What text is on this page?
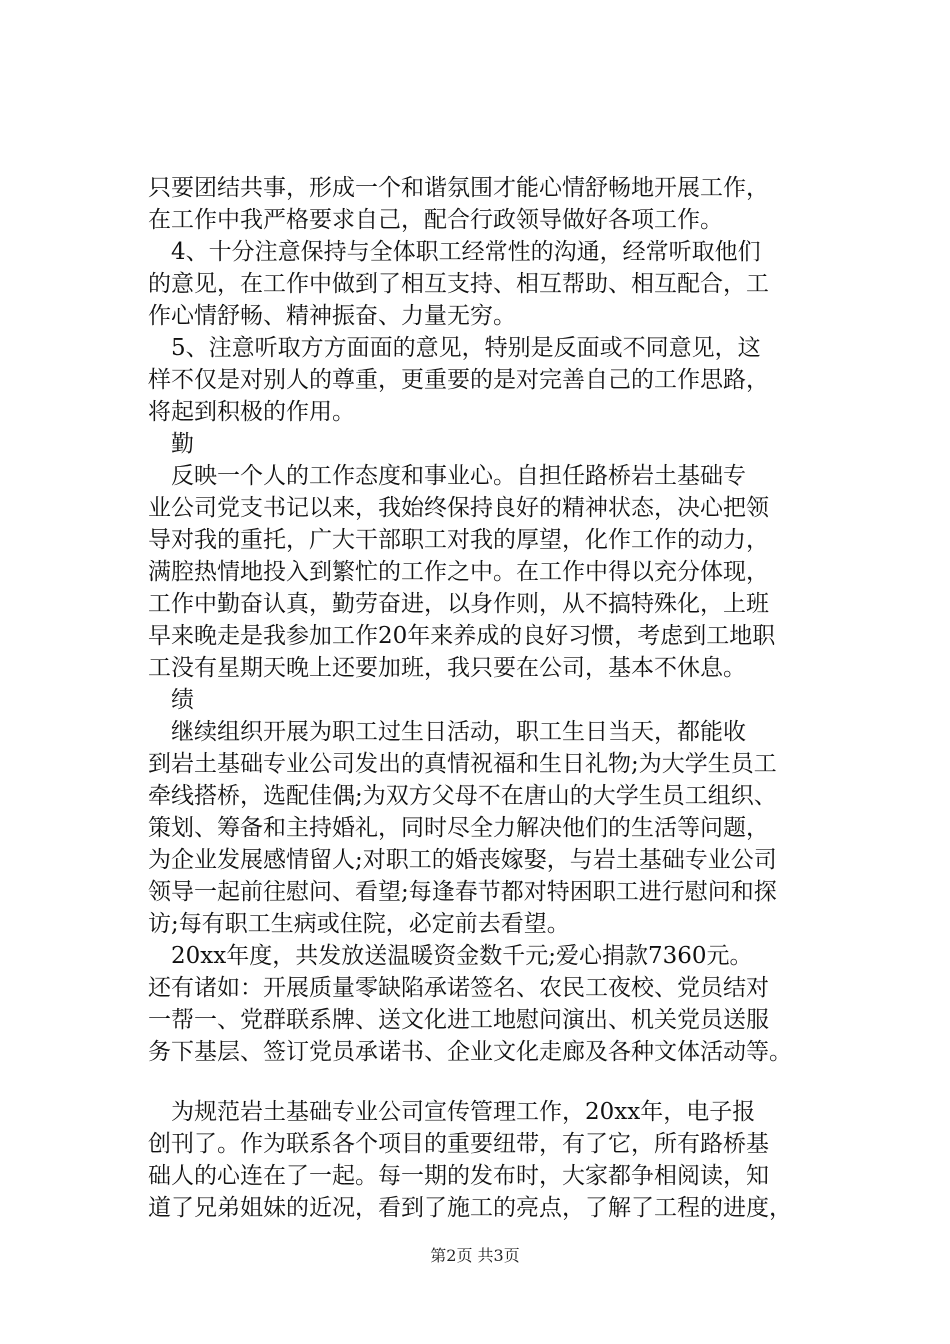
只要团结共事，形成一个和谐氛围才能心情舒畅地开展工作，
在工作中我严格要求自己，配合行政领导做好各项工作。
　4、十分注意保持与全体职工经常性的沟通，经常听取他们
的意见，在工作中做到了相互支持、相互帮助、相互配合，工
作心情舒畅、精神振奋、力量无穷。
　5、注意听取方方面面的意见，特别是反面或不同意见，这
样不仅是对别人的尊重，更重要的是对完善自己的工作思路，
将起到积极的作用。
　勤
　反映一个人的工作态度和事业心。自担任路桥岩土基础专
业公司党支书记以来，我始终保持良好的精神状态，决心把领
导对我的重托，广大干部职工对我的厚望，化作工作的动力，
满腔热情地投入到繁忙的工作之中。在工作中得以充分体现，
工作中勤奋认真，勤劳奋进，以身作则，从不搞特殊化，上班
早来晚走是我参加工作20年来养成的良好习惯，考虑到工地职
工没有星期天晚上还要加班，我只要在公司，基本不休息。
　绩
　继续组织开展为职工过生日活动，职工生日当天，都能收
到岩土基础专业公司发出的真情祝福和生日礼物;为大学生员工
牵线搭桥，选配佳偶;为双方父母不在唐山的大学生员工组织、
策划、筹备和主持婚礼，同时尽全力解决他们的生活等问题，
为企业发展感情留人;对职工的婚丧嫁娶，与岩土基础专业公司
领导一起前往慰问、看望;每逢春节都对特困职工进行慰问和探
访;每有职工生病或住院，必定前去看望。
　20xx年度，共发放送温暖资金数千元;爱心捐款7360元。
还有诸如：开展质量零缺陷承诺签名、农民工夜校、党员结对
一帮一、党群联系牌、送文化进工地慰问演出、机关党员送服
务下基层、签订党员承诺书、企业文化走廊及各种文体活动等。
　为规范岩土基础专业公司宣传管理工作，20xx年，电子报
创刊了。作为联系各个项目的重要纽带，有了它，所有路桥基
础人的心连在了一起。每一期的发布时，大家都争相阅读，知
道了兄弟姐妹的近况，看到了施工的亮点，了解了工程的进度，
第2页 共3页
